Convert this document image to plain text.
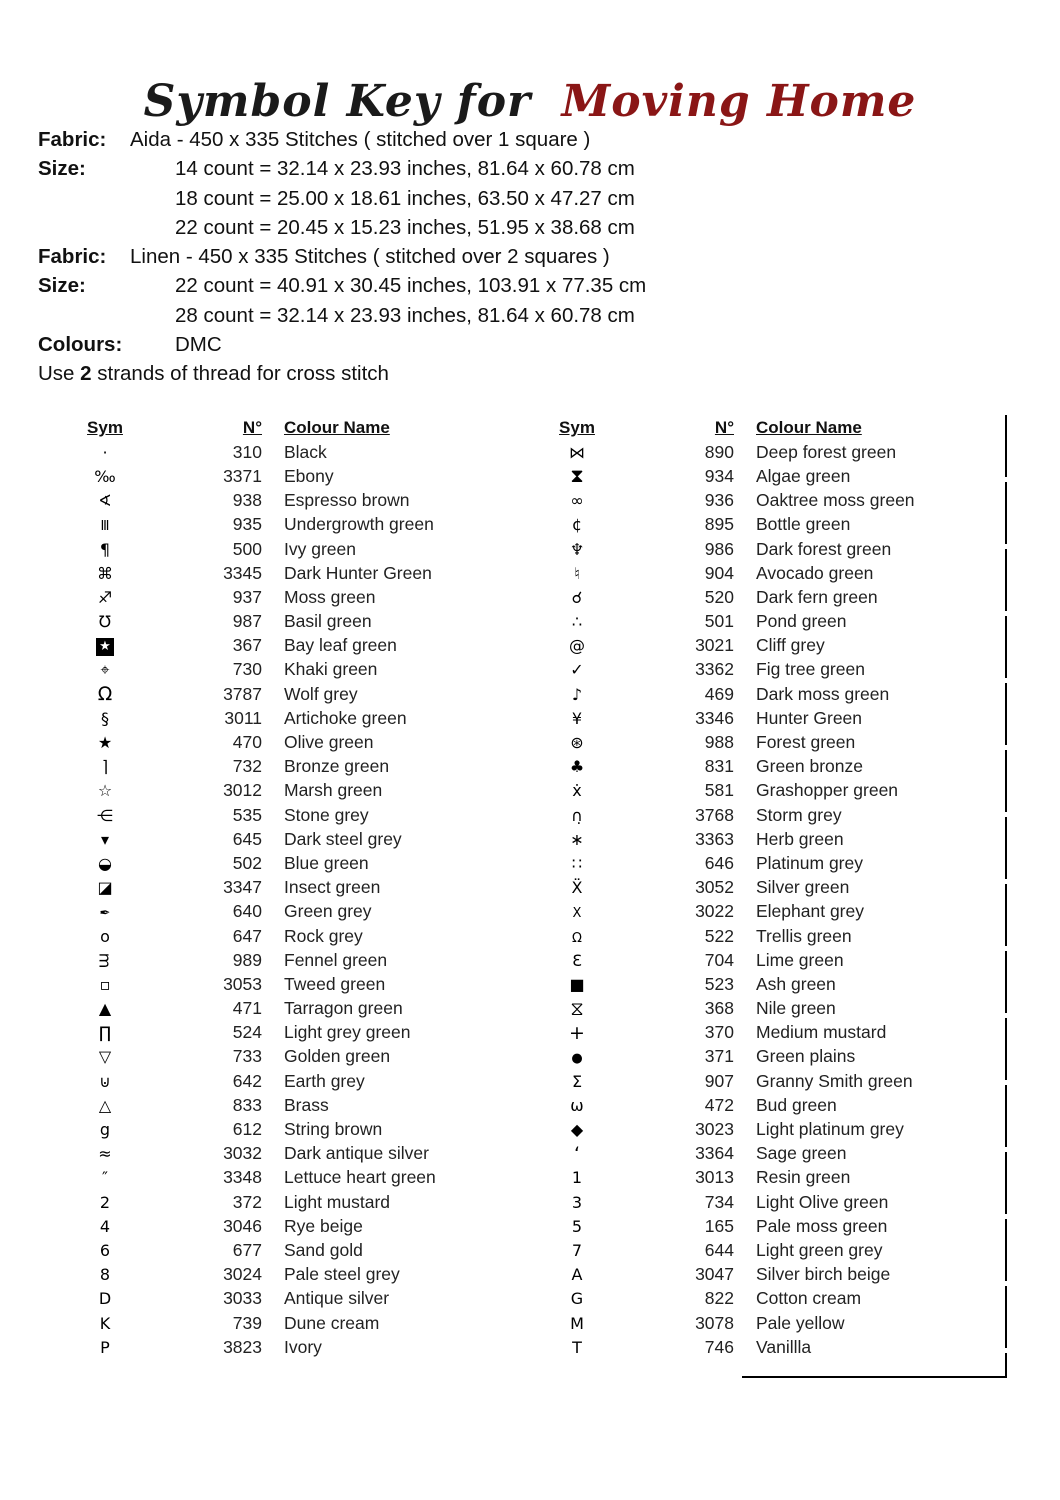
Symbol Key for Moving Home
Fabric:	Aida - 450 x 335 Stitches ( stitched over 1 square )
Size:	14 count = 32.14 x 23.93 inches, 81.64 x 60.78 cm
18 count = 25.00 x 18.61 inches, 63.50 x 47.27 cm
22 count = 20.45 x 15.23 inches, 51.95 x 38.68 cm
Fabric:	Linen - 450 x 335 Stitches ( stitched over 2 squares )
Size:	22 count = 40.91 x 30.45 inches, 103.91 x 77.35 cm
28 count = 32.14 x 23.93 inches, 81.64 x 60.78 cm
Colours:	DMC
Use 2 strands of thread for cross stitch
Sym	N°	Colour Name
·	310	Black
‰	3371	Ebony
∢	938	Espresso brown
Ⅲ	935	Undergrowth green
¶	500	Ivy green
⌘	3345	Dark Hunter Green
♐	937	Moss green
℧	987	Basil green
★	367	Bay leaf green
⌖	730	Khaki green
Ω	3787	Wolf grey
§	3011	Artichoke green
★	470	Olive green
⌉	732	Bronze green
☆	3012	Marsh green
⋲	535	Stone grey
▾	645	Dark steel grey
◒	502	Blue green
◪	3347	Insect green
✒	640	Green grey
o	647	Rock grey
m	989	Fennel green
▫	3053	Tweed green
▲	471	Tarragon green
∏	524	Light grey green
▽	733	Golden green
⊍	642	Earth grey
△	833	Brass
g	612	String brown
≈	3032	Dark antique silver
″	3348	Lettuce heart green
2	372	Light mustard
4	3046	Rye beige
6	677	Sand gold
8	3024	Pale steel grey
D	3033	Antique silver
K	739	Dune cream
P	3823	Ivory
Sym	N°	Colour Name
⋈	890	Deep forest green
⧗	934	Algae green
∞	936	Oaktree moss green
¢	895	Bottle green
♆	986	Dark forest green
♮	904	Avocado green
☌	520	Dark fern green
∴	501	Pond green
@	3021	Cliff grey
✓	3362	Fig tree green
♪	469	Dark moss green
¥	3346	Hunter Green
⊛	988	Forest green
♣	831	Green bronze
ẋ	581	Grashopper green
∩̣	3768	Storm grey
∗	3363	Herb green
∷	646	Platinum grey
Ẍ	3052	Silver green
X	3022	Elephant grey
Ω	522	Trellis green
Ɛ	704	Lime green
■	523	Ash green
⧖	368	Nile green
+	370	Medium mustard
●	371	Green plains
Σ	907	Granny Smith green
ω	472	Bud green
◆	3023	Light platinum grey
‘	3364	Sage green
1	3013	Resin green
3	734	Light Olive green
5	165	Pale moss green
7	644	Light green grey
A	3047	Silver birch beige
G	822	Cotton cream
M	3078	Pale yellow
T	746	Vanillla
